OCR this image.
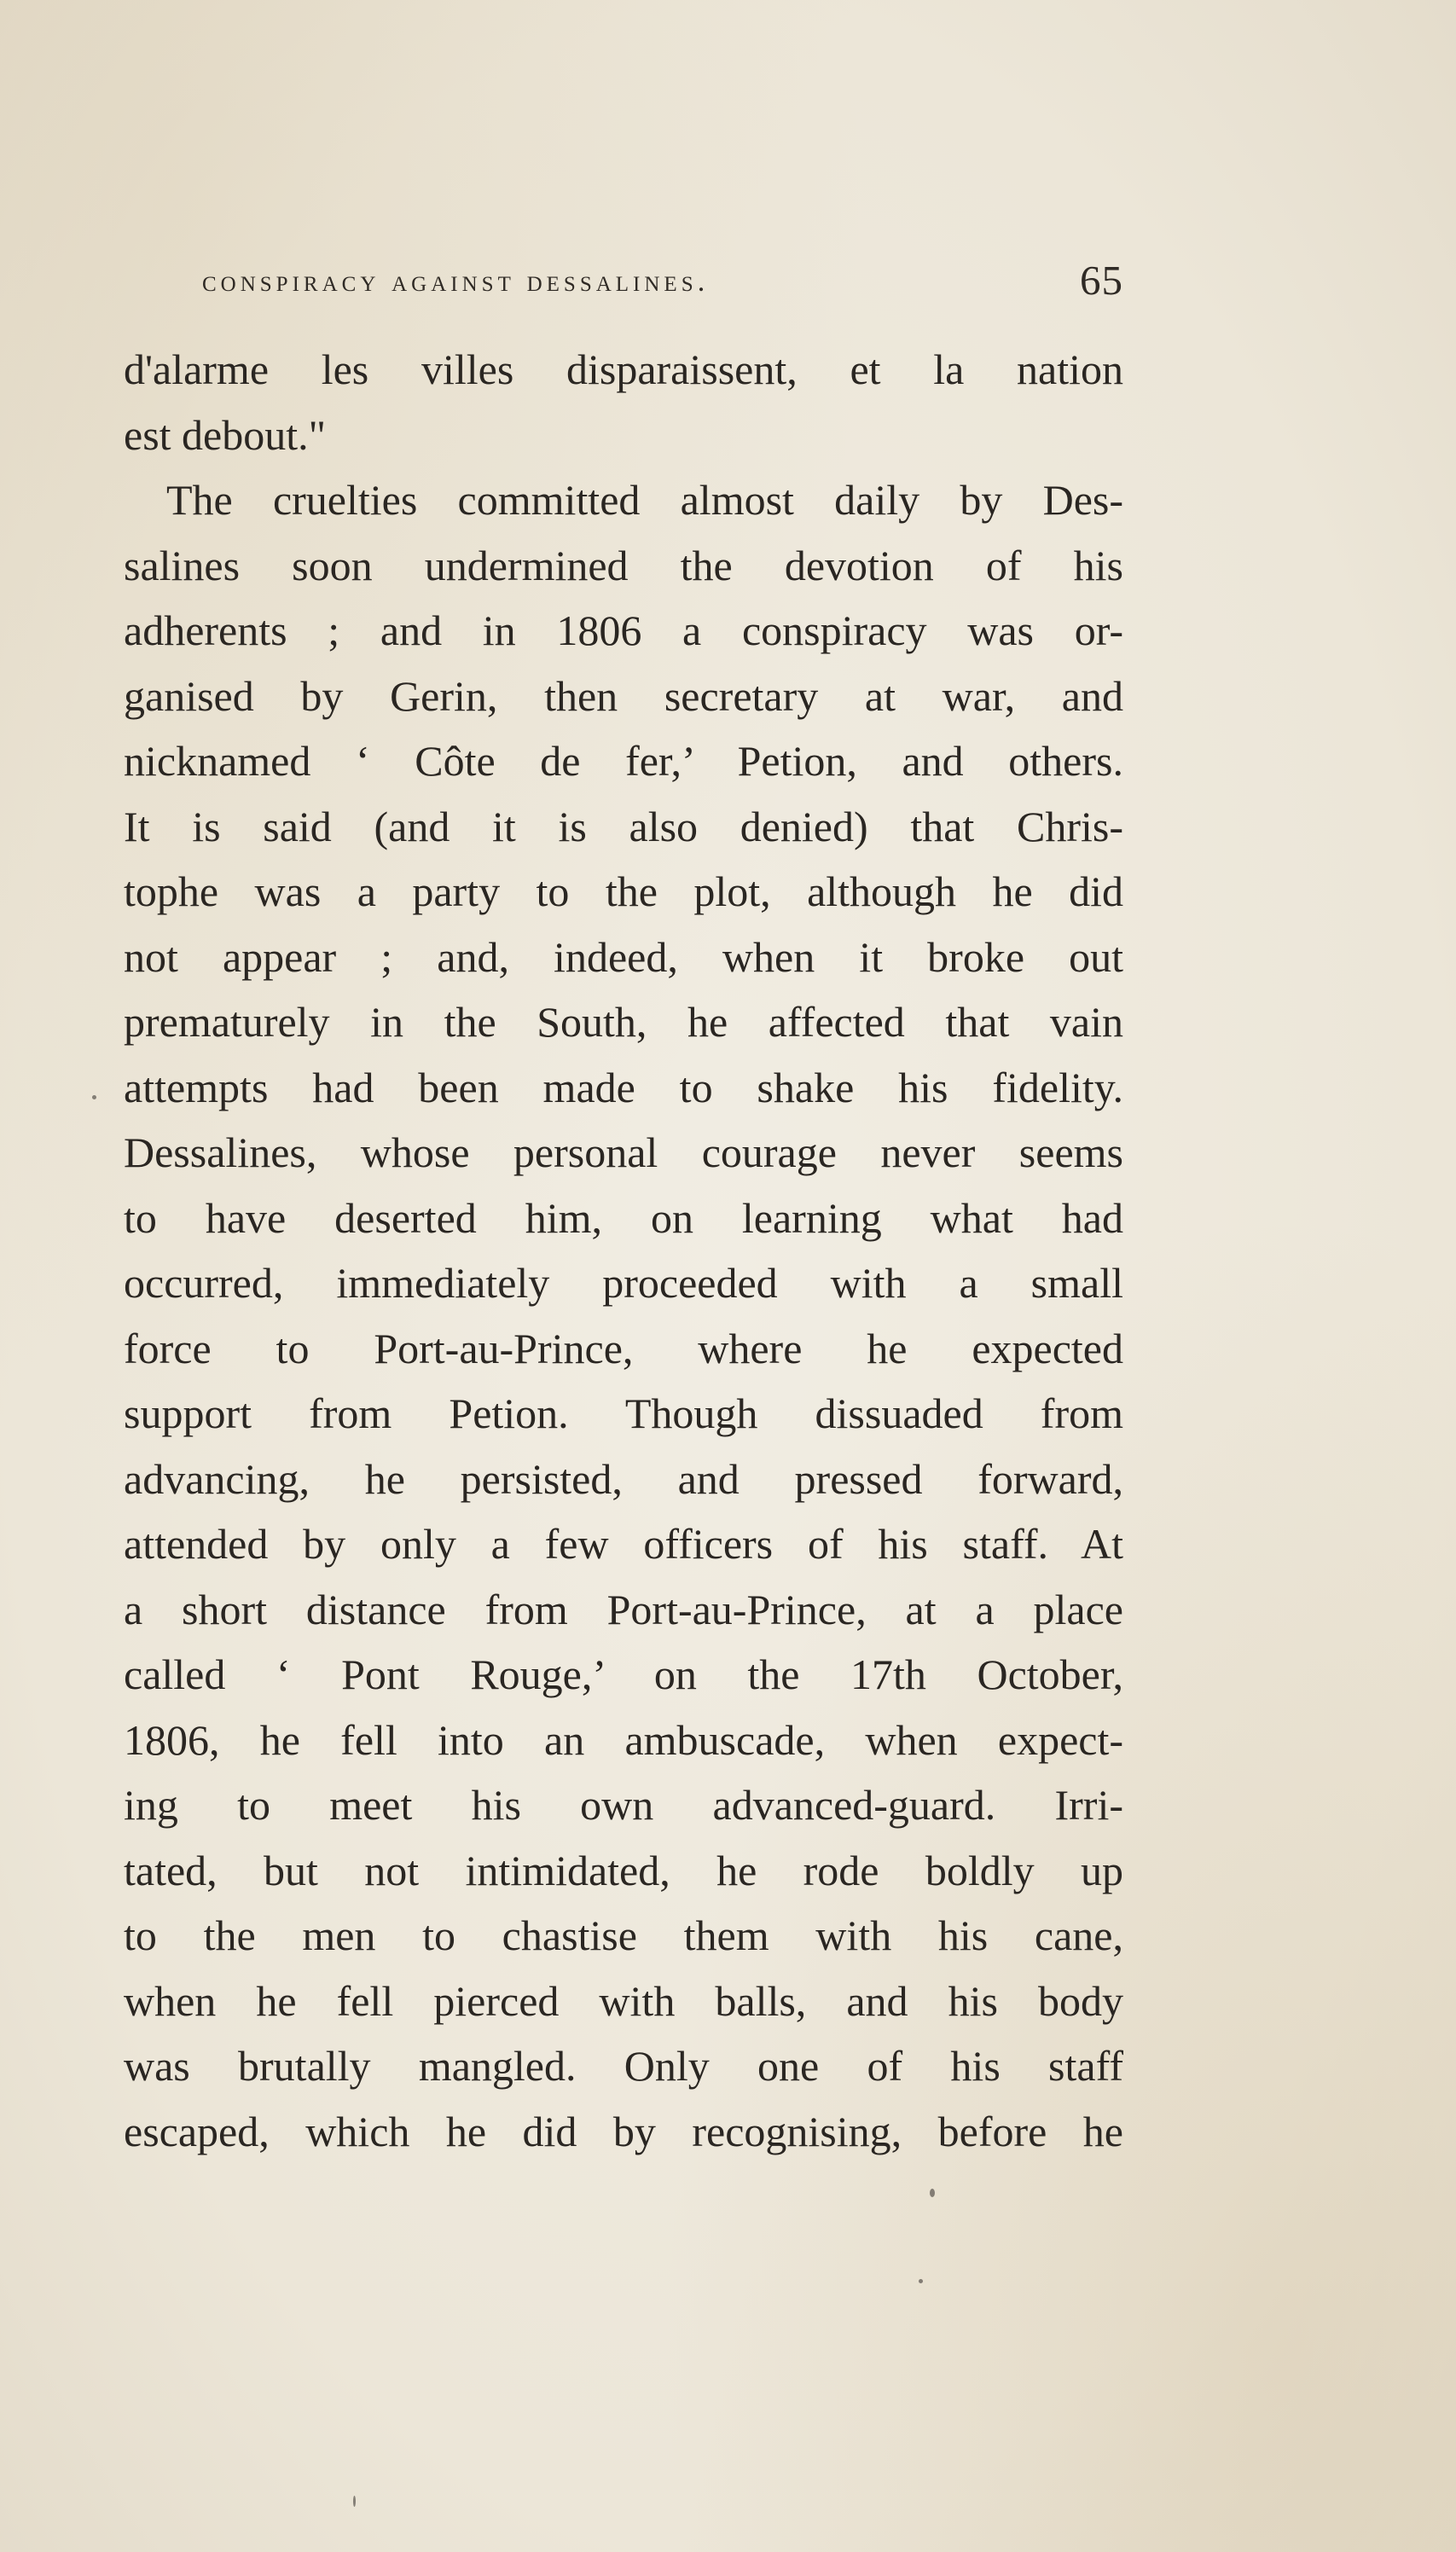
conspiracy against dessalines.	65
d'alarme les villes disparaissent, et la nation
est debout."
The cruelties committed almost daily by Des-
salines soon undermined the devotion of his
adherents ; and in 1806 a conspiracy was or-
ganised by Gerin, then secretary at war, and
nicknamed ‘ Côte de fer,’ Petion, and others.
It is said (and it is also denied) that Chris-
tophe was a party to the plot, although he did
not appear ; and, indeed, when it broke out
prematurely in the South, he affected that vain
attempts had been made to shake his fidelity.
Dessalines, whose personal courage never seems
to have deserted him, on learning what had
occurred, immediately proceeded with a small
force to Port-au-Prince, where he expected
support from Petion. Though dissuaded from
advancing, he persisted, and pressed forward,
attended by only a few officers of his staff. At
a short distance from Port-au-Prince, at a place
called ‘ Pont Rouge,’ on the 17th October,
1806, he fell into an ambuscade, when expect-
ing to meet his own advanced-guard. Irri-
tated, but not intimidated, he rode boldly up
to the men to chastise them with his cane,
when he fell pierced with balls, and his body
was brutally mangled. Only one of his staff
escaped, which he did by recognising, before he
